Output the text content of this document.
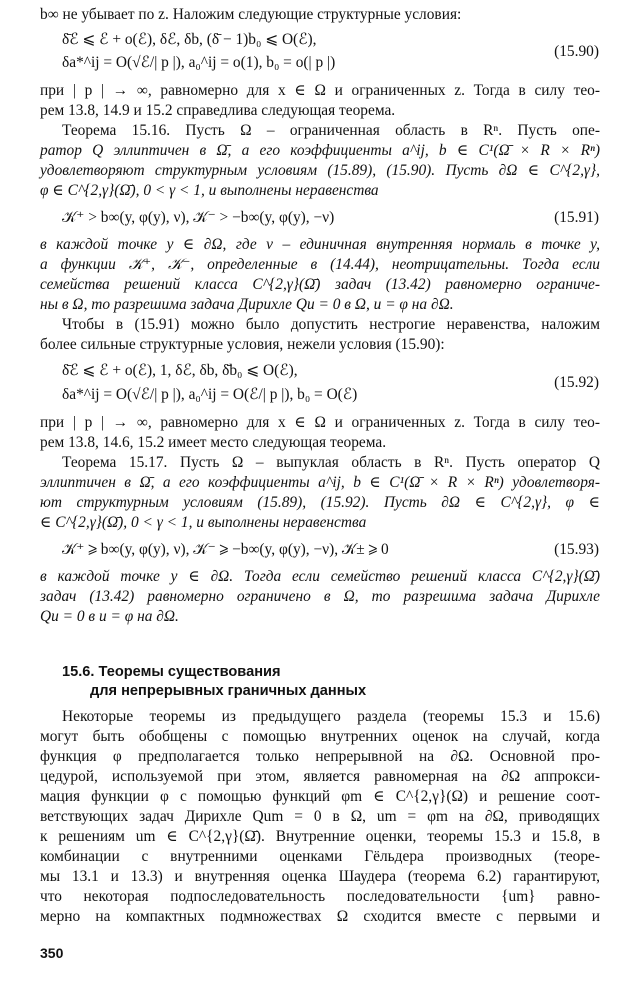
b∞ не убывает по z. Наложим следующие структурные условия:
δ̄ℰ ⩽ ℰ + o(ℰ), δℰ, δb, (δ̄ − 1)b₀ ⩽ O(ℰ),
δa*^ij = O(√ℰ/| p |), a₀^ij = o(1), b₀ = o(| p |)
при | p | → ∞, равномерно для x ∈ Ω и ограниченных z. Тогда в силу тео-
рем 13.8, 14.9 и 15.2 справедлива следующая теорема.
Теорема 15.16. Пусть Ω – ограниченная область в Rⁿ. Пусть опе-
ратор Q эллиптичен в Ω̄, а его коэффициенты a^ij, b ∈ C¹(Ω̄ × R × Rⁿ)
удовлетворяют структурным условиям (15.89), (15.90). Пусть ∂Ω ∈ C^{2,γ},
φ ∈ C^{2,γ}(Ω̄), 0 < γ < 1, и выполнены неравенства
𝒦⁺ > b∞(y, φ(y), ν), 𝒦⁻ > −b∞(y, φ(y), −ν)
в каждой точке y ∈ ∂Ω, где ν – единичная внутренняя нормаль в точке y,
а функции 𝒦⁺, 𝒦⁻, определенные в (14.44), неотрицательны. Тогда если
семейства решений класса C^{2,γ}(Ω̄) задач (13.42) равномерно ограниче-
ны в Ω, то разрешима задача Дирихле Qu = 0 в Ω, u = φ на ∂Ω.
Чтобы в (15.91) можно было допустить нестрогие неравенства, наложим
более сильные структурные условия, нежели условия (15.90):
δ̄ℰ ⩽ ℰ + o(ℰ), 1, δℰ, δb, δ̄b₀ ⩽ O(ℰ),
δa*^ij = O(√ℰ/| p |), a₀^ij = O(ℰ/| p |), b₀ = O(ℰ)
при | p | → ∞, равномерно для x ∈ Ω и ограниченных z. Тогда в силу тео-
рем 13.8, 14.6, 15.2 имеет место следующая теорема.
Теорема 15.17. Пусть Ω – выпуклая область в Rⁿ. Пусть оператор Q
эллиптичен в Ω̄, а его коэффициенты a^ij, b ∈ C¹(Ω̄ × R × Rⁿ) удовлетворя-
ют структурным условиям (15.89), (15.92). Пусть ∂Ω ∈ C^{2,γ}, φ ∈
∈ C^{2,γ}(Ω̄), 0 < γ < 1, и выполнены неравенства
𝒦⁺ ⩾ b∞(y, φ(y), ν), 𝒦⁻ ⩾ −b∞(y, φ(y), −ν), 𝒦± ⩾ 0
в каждой точке y ∈ ∂Ω. Тогда если семейство решений класса C^{2,γ}(Ω̄)
задач (13.42) равномерно ограничено в Ω, то разрешима задача Дирихле
Qu = 0 в u = φ на ∂Ω.
Некоторые теоремы из предыдущего раздела (теоремы 15.3 и 15.6)
могут быть обобщены с помощью внутренних оценок на случай, когда
функция φ предполагается только непрерывной на ∂Ω. Основной про-
цедурой, используемой при этом, является равномерная на ∂Ω аппрокси-
мация функции φ с помощью функций φm ∈ C^{2,γ}(Ω) и решение соот-
ветствующих задач Дирихле Qum = 0 в Ω, um = φm на ∂Ω, приводящих
к решениям um ∈ C^{2,γ}(Ω̄). Внутренние оценки, теоремы 15.3 и 15.8, в
комбинации с внутренними оценками Гёльдера производных (теоре-
мы 13.1 и 13.3) и внутренняя оценка Шаудера (теорема 6.2) гарантируют,
что некоторая подпоследовательность последовательности {um} равно-
мерно на компактных подмножествах Ω сходится вместе с первыми и
(15.90)
(15.91)
(15.92)
(15.93)
15.6. Теоремы существования
для непрерывных граничных данных
350
